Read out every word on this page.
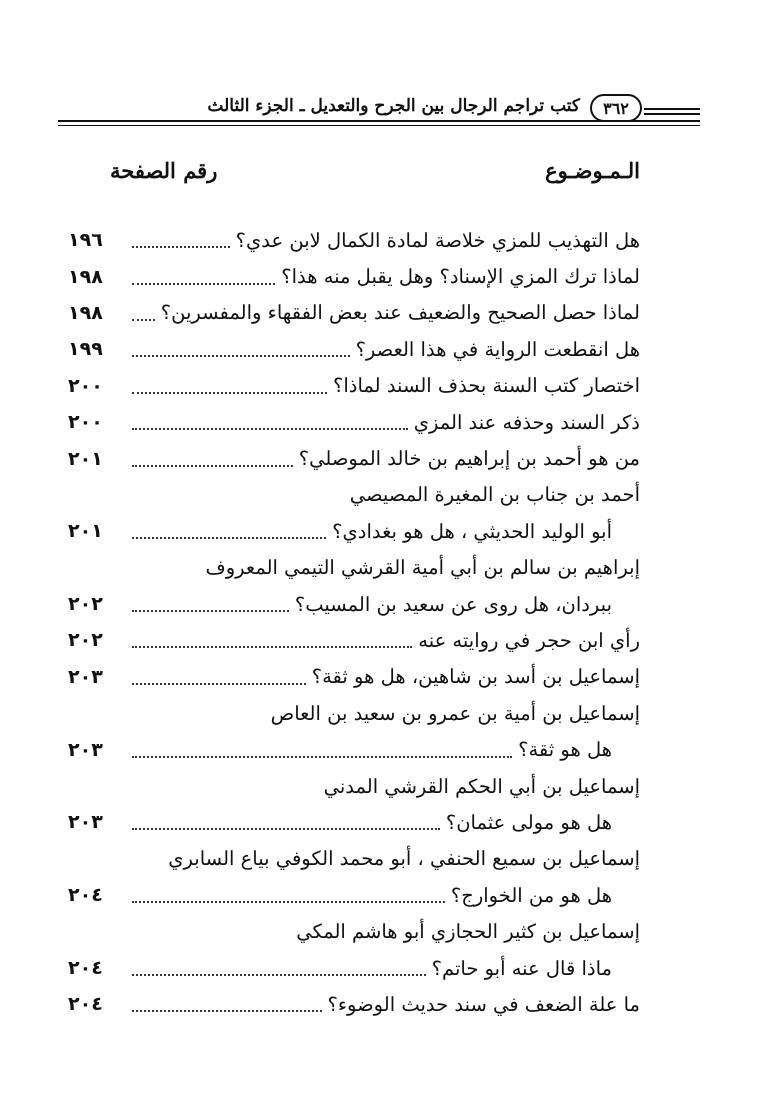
٣٦٢
كتب تراجم الرجال بين الجرح والتعديل ـ الجزء الثالث
الـمـوضـوع
رقم الصفحة
هل التهذيب للمزي خلاصة لمادة الكمال لابن عدي؟
١٩٦
لماذا ترك المزي الإسناد؟ وهل يقبل منه هذا؟
١٩٨
لماذا حصل الصحيح والضعيف عند بعض الفقهاء والمفسرين؟
١٩٨
هل انقطعت الرواية في هذا العصر؟
١٩٩
اختصار كتب السنة بحذف السند لماذا؟
٢٠٠
ذكر السند وحذفه عند المزي
٢٠٠
من هو أحمد بن إبراهيم بن خالد الموصلي؟
٢٠١
أحمد بن جناب بن المغيرة المصيصي
أبو الوليد الحديثي ، هل هو بغدادي؟
٢٠١
إبراهيم بن سالم بن أبي أمية القرشي التيمي المعروف
ببردان، هل روى عن سعيد بن المسيب؟
٢٠٢
رأي ابن حجر في روايته عنه
٢٠٢
إسماعيل بن أسد بن شاهين، هل هو ثقة؟
٢٠٣
إسماعيل بن أمية بن عمرو بن سعيد بن العاص
هل هو ثقة؟
٢٠٣
إسماعيل بن أبي الحكم القرشي المدني
هل هو مولى عثمان؟
٢٠٣
إسماعيل بن سميع الحنفي ، أبو محمد الكوفي بياع السابري
هل هو من الخوارج؟
٢٠٤
إسماعيل بن كثير الحجازي أبو هاشم المكي
ماذا قال عنه أبو حاتم؟
٢٠٤
ما علة الضعف في سند حديث الوضوء؟
٢٠٤
